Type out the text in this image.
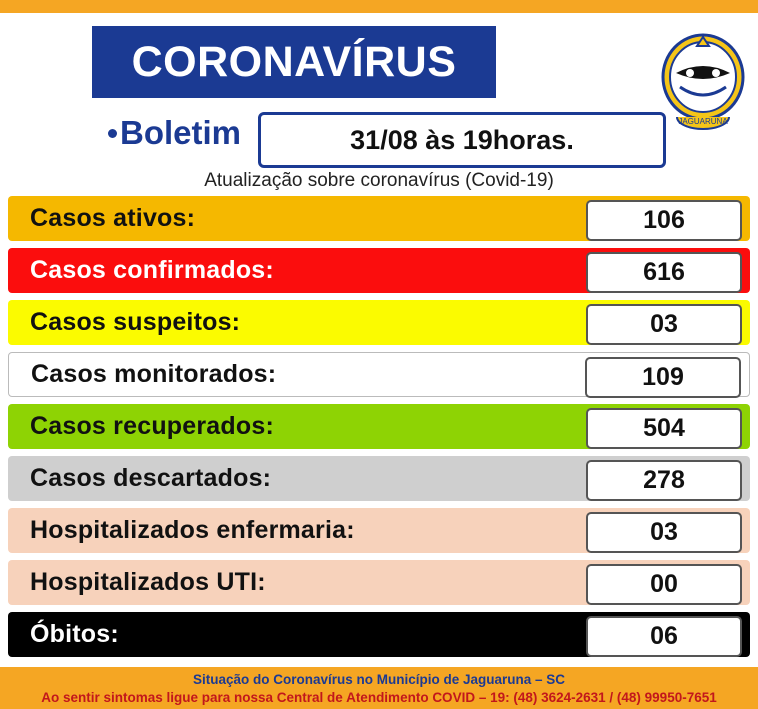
CORONAVÍRUS
JAGUARUNA
Boletim	31/08 às 19horas.
Atualização sobre coronavírus (Covid-19)
Casos ativos:	106
Casos confirmados:	616
Casos suspeitos:	03
Casos monitorados:	109
Casos recuperados:	504
Casos descartados:	278
Hospitalizados enfermaria:	03
Hospitalizados UTI:	00
Óbitos:	06
Situação do Coronavírus no Município de Jaguaruna – SC
Ao sentir sintomas ligue para nossa Central de Atendimento COVID – 19: (48) 3624-2631 / (48) 99950-7651
